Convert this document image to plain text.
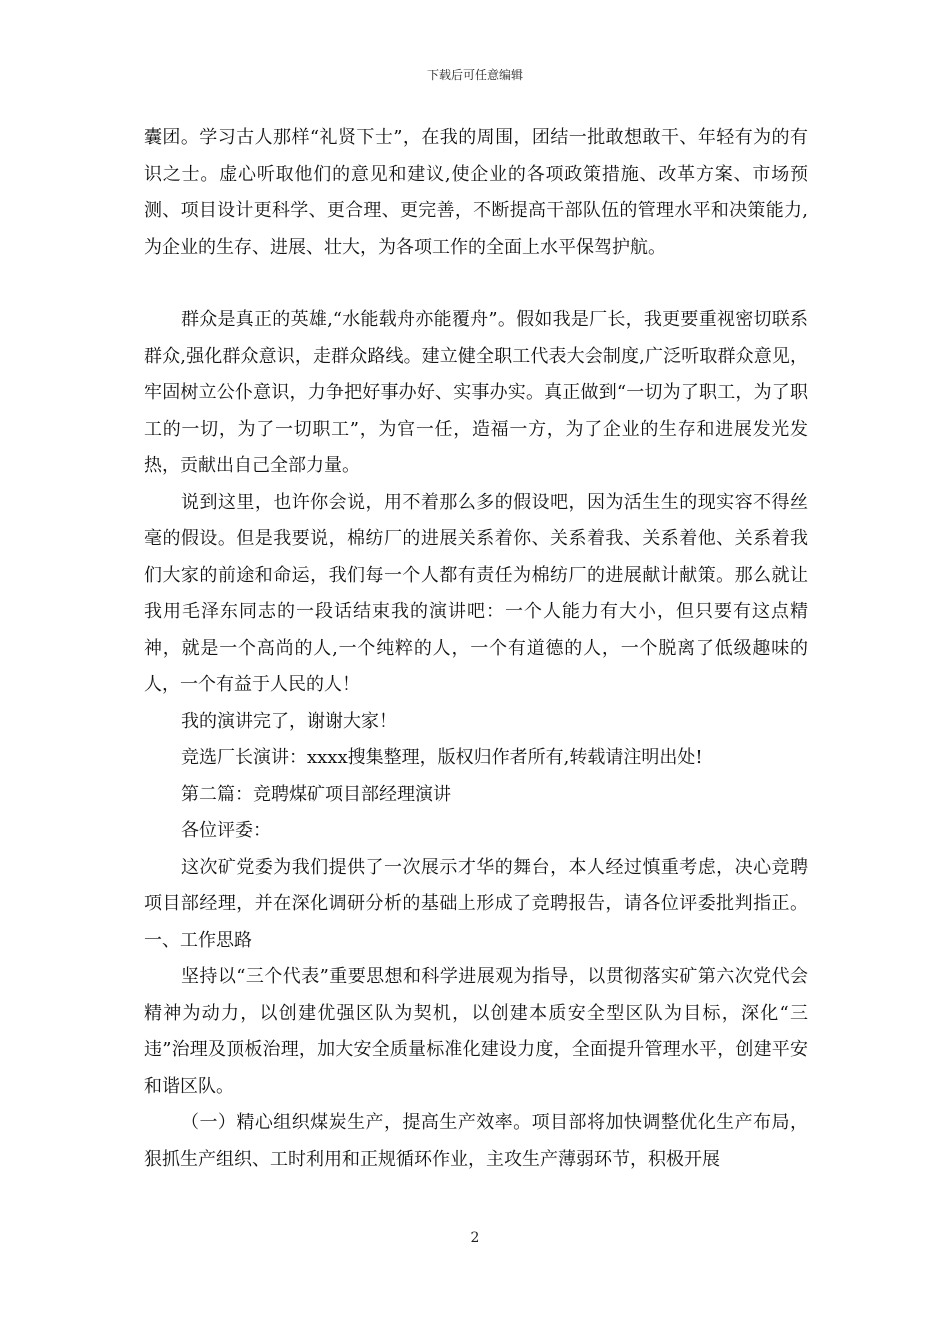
下载后可任意编辑

囊团。学习古人那样“礼贤下士”，在我的周围，团结一批敢想敢干、年轻有为的有识之士。虚心听取他们的意见和建议,使企业的各项政策措施、改革方案、市场预测、项目设计更科学、更合理、更完善，不断提高干部队伍的管理水平和决策能力,为企业的生存、进展、壮大，为各项工作的全面上水平保驾护航。

群众是真正的英雄,“水能载舟亦能覆舟”。假如我是厂长，我更要重视密切联系群众,强化群众意识，走群众路线。建立健全职工代表大会制度,广泛听取群众意见，牢固树立公仆意识，力争把好事办好、实事办实。真正做到“一切为了职工，为了职工的一切，为了一切职工”，为官一任，造福一方，为了企业的生存和进展发光发热，贡献出自己全部力量。

说到这里，也许你会说，用不着那么多的假设吧，因为活生生的现实容不得丝毫的假设。但是我要说，棉纺厂的进展关系着你、关系着我、关系着他、关系着我们大家的前途和命运，我们每一个人都有责任为棉纺厂的进展献计献策。那么就让我用毛泽东同志的一段话结束我的演讲吧：一个人能力有大小，但只要有这点精神，就是一个高尚的人,一个纯粹的人，一个有道德的人，一个脱离了低级趣味的人，一个有益于人民的人！

我的演讲完了，谢谢大家！

竞选厂长演讲：xxxx搜集整理，版权归作者所有,转载请注明出处!

第二篇：竞聘煤矿项目部经理演讲

各位评委：

这次矿党委为我们提供了一次展示才华的舞台，本人经过慎重考虑，决心竞聘项目部经理，并在深化调研分析的基础上形成了竞聘报告，请各位评委批判指正。一、工作思路

坚持以“三个代表”重要思想和科学进展观为指导，以贯彻落实矿第六次党代会精神为动力，以创建优强区队为契机，以创建本质安全型区队为目标，深化“三违”治理及顶板治理，加大安全质量标准化建设力度，全面提升管理水平，创建平安和谐区队。

（一）精心组织煤炭生产，提高生产效率。项目部将加快调整优化生产布局，狠抓生产组织、工时利用和正规循环作业，主攻生产薄弱环节，积极开展

2
